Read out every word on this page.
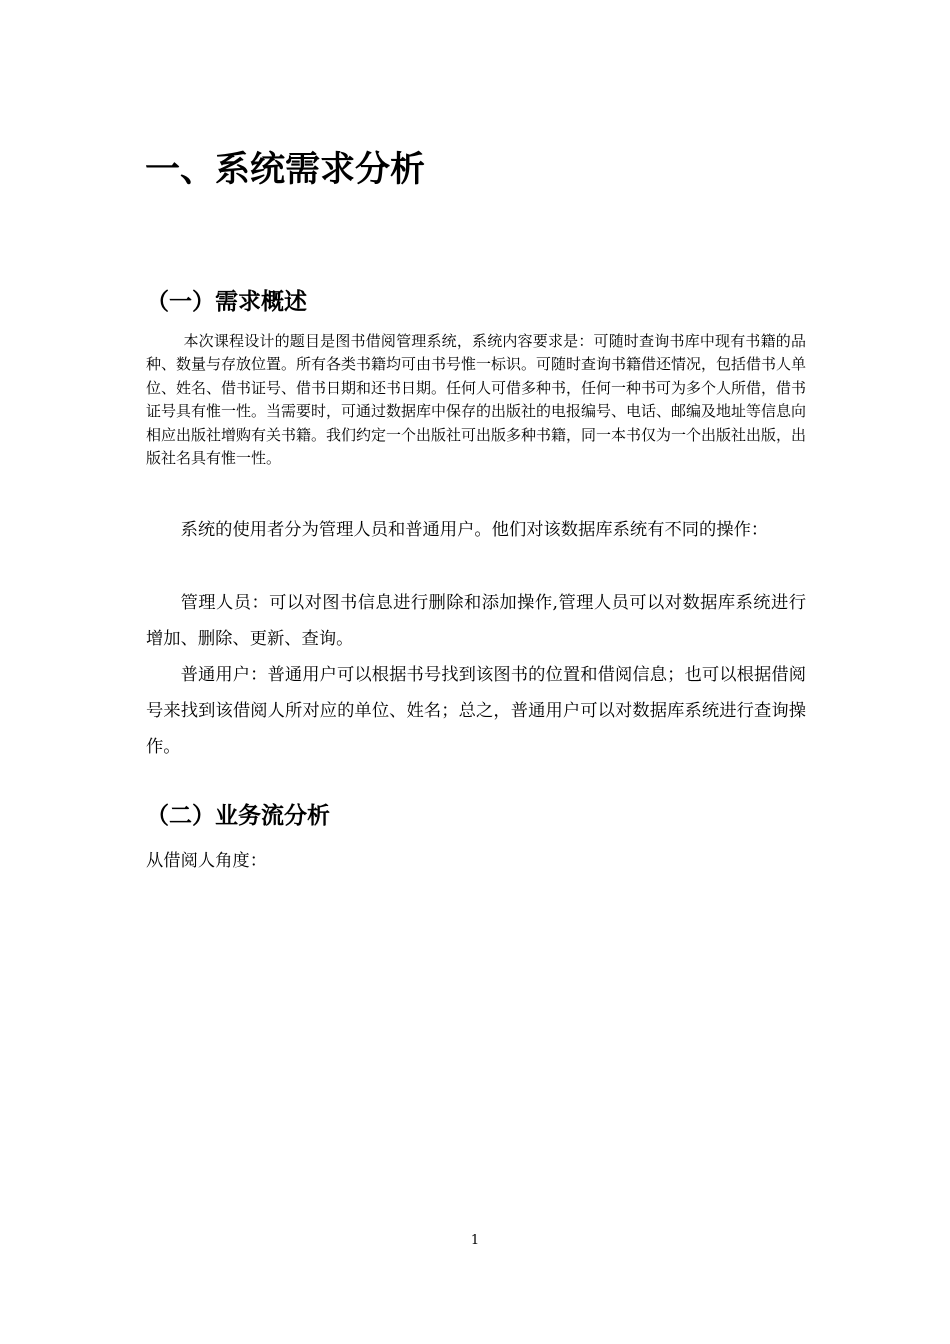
一、系统需求分析
（一）需求概述

本次课程设计的题目是图书借阅管理系统，系统内容要求是：可随时查询书库中现有书籍的品种、数量与存放位置。所有各类书籍均可由书号惟一标识。可随时查询书籍借还情况，包括借书人单位、姓名、借书证号、借书日期和还书日期。任何人可借多种书，任何一种书可为多个人所借，借书证号具有惟一性。当需要时，可通过数据库中保存的出版社的电报编号、电话、邮编及地址等信息向相应出版社增购有关书籍。我们约定一个出版社可出版多种书籍，同一本书仅为一个出版社出版，出版社名具有惟一性。

系统的使用者分为管理人员和普通用户。他们对该数据库系统有不同的操作：

管理人员：可以对图书信息进行删除和添加操作,管理人员可以对数据库系统进行增加、删除、更新、查询。

普通用户：普通用户可以根据书号找到该图书的位置和借阅信息；也可以根据借阅号来找到该借阅人所对应的单位、姓名；总之，普通用户可以对数据库系统进行查询操作。

（二）业务流分析

从借阅人角度：

1
